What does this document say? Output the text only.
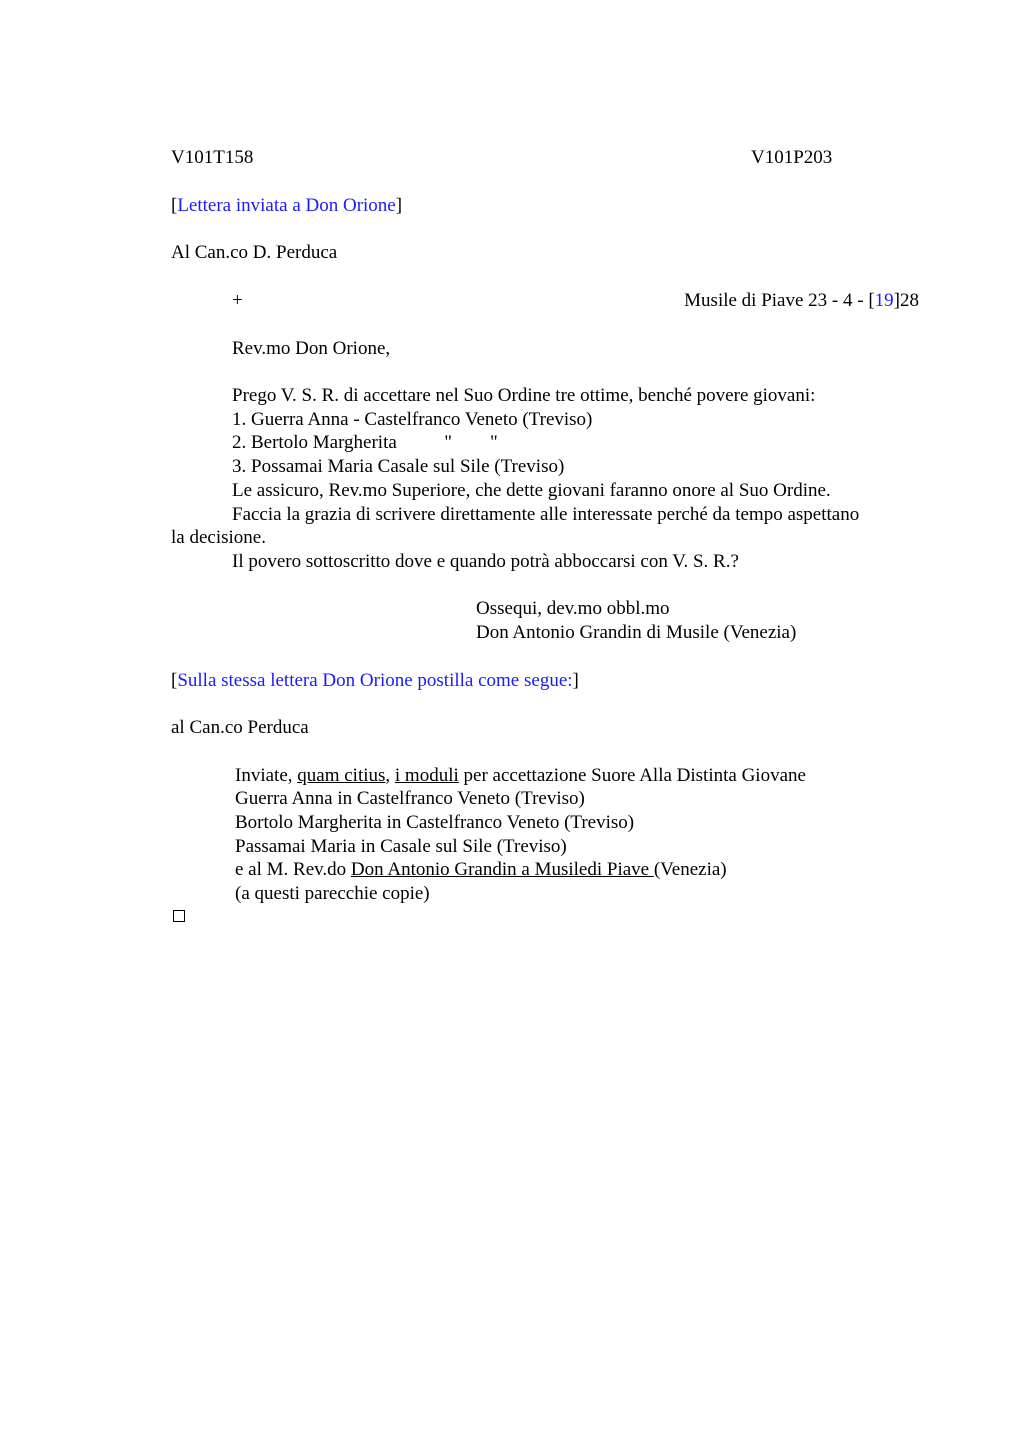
V101T158	V101P203
[Lettera inviata a Don Orione]
Al Can.co D. Perduca
+	Musile di Piave 23 - 4 - [19]28
Rev.mo Don Orione,
Prego V. S. R. di accettare nel Suo Ordine tre ottime, benché povere giovani:
1. Guerra Anna - Castelfranco Veneto (Treviso)
2. Bertolo Margherita          "        "
3. Possamai Maria Casale sul Sile (Treviso)
Le assicuro, Rev.mo Superiore, che dette giovani faranno onore al Suo Ordine.
Faccia la grazia di scrivere direttamente alle interessate perché da tempo aspettano
la decisione.
Il povero sottoscritto dove e quando potrà abboccarsi con V. S. R.?
Ossequi, dev.mo obbl.mo
Don Antonio Grandin di Musile (Venezia)
[Sulla stessa lettera Don Orione postilla come segue:]
al Can.co Perduca
Inviate, quam citius, i moduli per accettazione Suore Alla Distinta Giovane
Guerra Anna in Castelfranco Veneto (Treviso)
Bortolo Margherita in Castelfranco Veneto (Treviso)
Passamai Maria in Casale sul Sile (Treviso)
e al M. Rev.do Don Antonio Grandin a Musiledi Piave (Venezia)
(a questi parecchie copie)
